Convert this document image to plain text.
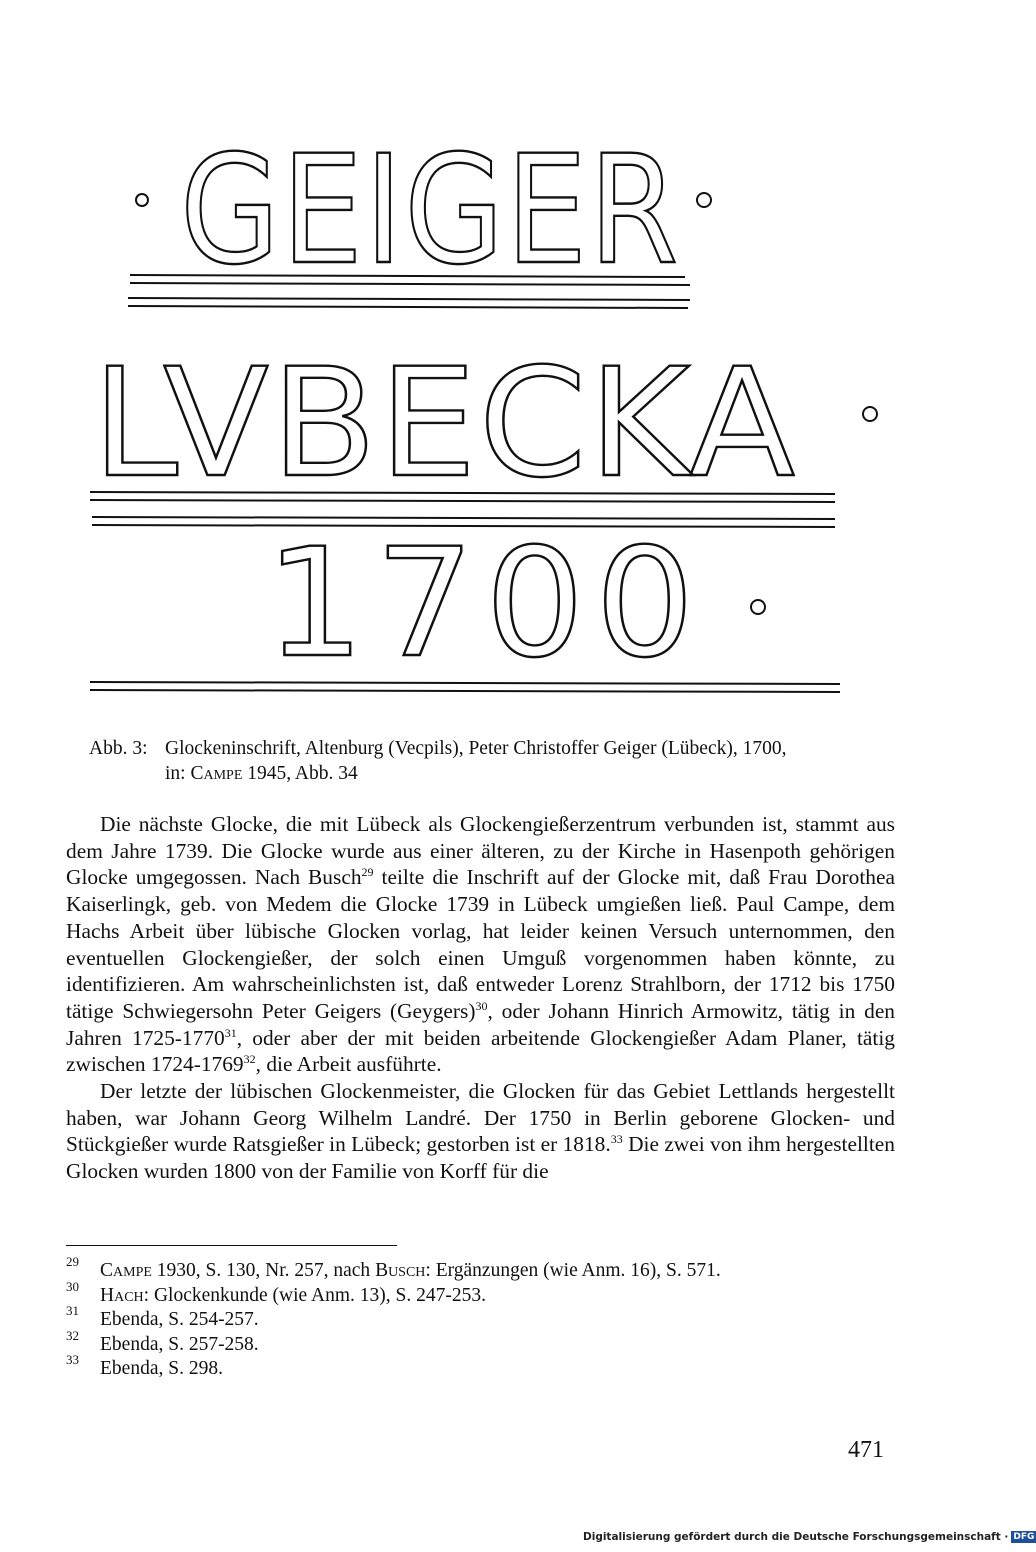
GEIGER
LVBECKA
1700
Abb. 3: Glockeninschrift, Altenburg (Vecpils), Peter Christoffer Geiger (Lübeck), 1700,
in: Campe 1945, Abb. 34

Die nächste Glocke, die mit Lübeck als Glockengießerzentrum verbunden ist, stammt aus dem Jahre 1739. Die Glocke wurde aus einer älteren, zu der Kirche in Hasenpoth gehörigen Glocke umgegossen. Nach Busch$^{29}$ teilte die Inschrift auf der Glocke mit, daß Frau Dorothea Kaiserlingk, geb. von Medem die Glocke 1739 in Lübeck umgießen ließ. Paul Campe, dem Hachs Arbeit über lübische Glocken vorlag, hat leider keinen Versuch unternommen, den eventuellen Glockengießer, der solch einen Umguß vorgenommen haben könnte, zu identifizieren. Am wahrscheinlichsten ist, daß entweder Lorenz Strahlborn, der 1712 bis 1750 tätige Schwiegersohn Peter Geigers (Geygers)$^{30}$, oder Johann Hinrich Armowitz, tätig in den Jahren 1725-1770$^{31}$, oder aber der mit beiden arbeitende Glockengießer Adam Planer, tätig zwischen 1724-1769$^{32}$, die Arbeit ausführte.

Der letzte der lübischen Glockenmeister, die Glocken für das Gebiet Lettlands hergestellt haben, war Johann Georg Wilhelm Landré. Der 1750 in Berlin geborene Glocken- und Stückgießer wurde Ratsgießer in Lübeck; gestorben ist er 1818.33 Die zwei von ihm hergestellten Glocken wurden 1800 von der Familie von Korff für die

29 Campe 1930, S. 130, Nr. 257, nach Busch: Ergänzungen (wie Anm. 16), S. 571.
30 Hach: Glockenkunde (wie Anm. 13), S. 247-253.
31 Ebenda, S. 254-257.
32 Ebenda, S. 257-258.
33 Ebenda, S. 298.
471
Digitalisierung gefördert durch die Deutsche Forschungsgemeinschaft · DFG
